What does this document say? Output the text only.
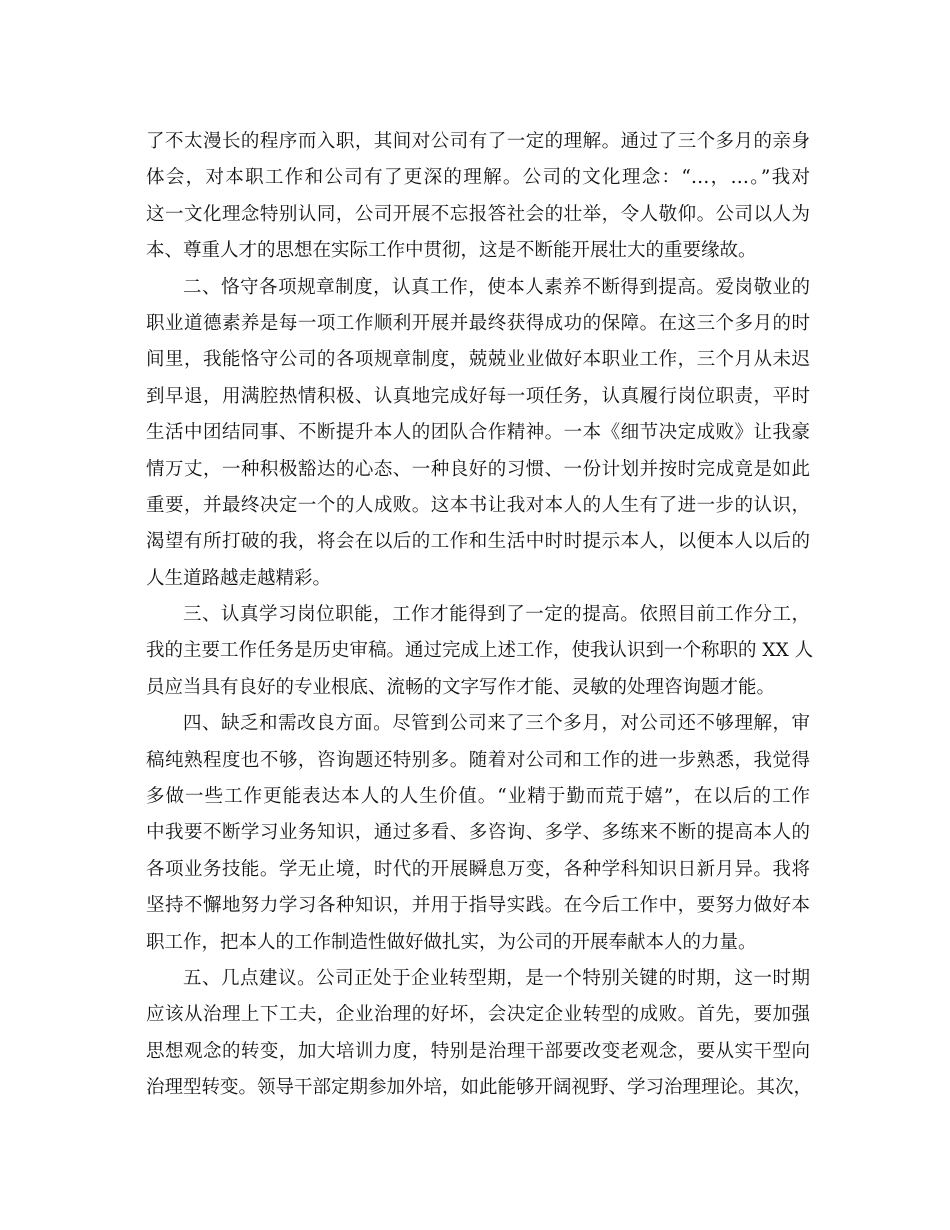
了不太漫长的程序而入职，其间对公司有了一定的理解。通过了三个多月的亲身
体会，对本职工作和公司有了更深的理解。公司的文化理念：“…，…。”我对
这一文化理念特别认同，公司开展不忘报答社会的壮举，令人敬仰。公司以人为
本、尊重人才的思想在实际工作中贯彻，这是不断能开展壮大的重要缘故。
二、恪守各项规章制度，认真工作，使本人素养不断得到提高。爱岗敬业的
职业道德素养是每一项工作顺利开展并最终获得成功的保障。在这三个多月的时
间里，我能恪守公司的各项规章制度，兢兢业业做好本职业工作，三个月从未迟
到早退，用满腔热情积极、认真地完成好每一项任务，认真履行岗位职责，平时
生活中团结同事、不断提升本人的团队合作精神。一本《细节决定成败》让我豪
情万丈，一种积极豁达的心态、一种良好的习惯、一份计划并按时完成竟是如此
重要，并最终决定一个的人成败。这本书让我对本人的人生有了进一步的认识，
渴望有所打破的我，将会在以后的工作和生活中时时提示本人，以便本人以后的
人生道路越走越精彩。
三、认真学习岗位职能，工作才能得到了一定的提高。依照目前工作分工，
我的主要工作任务是历史审稿。通过完成上述工作，使我认识到一个称职的 XX 人
员应当具有良好的专业根底、流畅的文字写作才能、灵敏的处理咨询题才能。
四、缺乏和需改良方面。尽管到公司来了三个多月，对公司还不够理解，审
稿纯熟程度也不够，咨询题还特别多。随着对公司和工作的进一步熟悉，我觉得
多做一些工作更能表达本人的人生价值。“业精于勤而荒于嬉”，在以后的工作
中我要不断学习业务知识，通过多看、多咨询、多学、多练来不断的提高本人的
各项业务技能。学无止境，时代的开展瞬息万变，各种学科知识日新月异。我将
坚持不懈地努力学习各种知识，并用于指导实践。在今后工作中，要努力做好本
职工作，把本人的工作制造性做好做扎实，为公司的开展奉献本人的力量。
五、几点建议。公司正处于企业转型期，是一个特别关键的时期，这一时期
应该从治理上下工夫，企业治理的好坏，会决定企业转型的成败。首先，要加强
思想观念的转变，加大培训力度，特别是治理干部要改变老观念，要从实干型向
治理型转变。领导干部定期参加外培，如此能够开阔视野、学习治理理论。其次，
